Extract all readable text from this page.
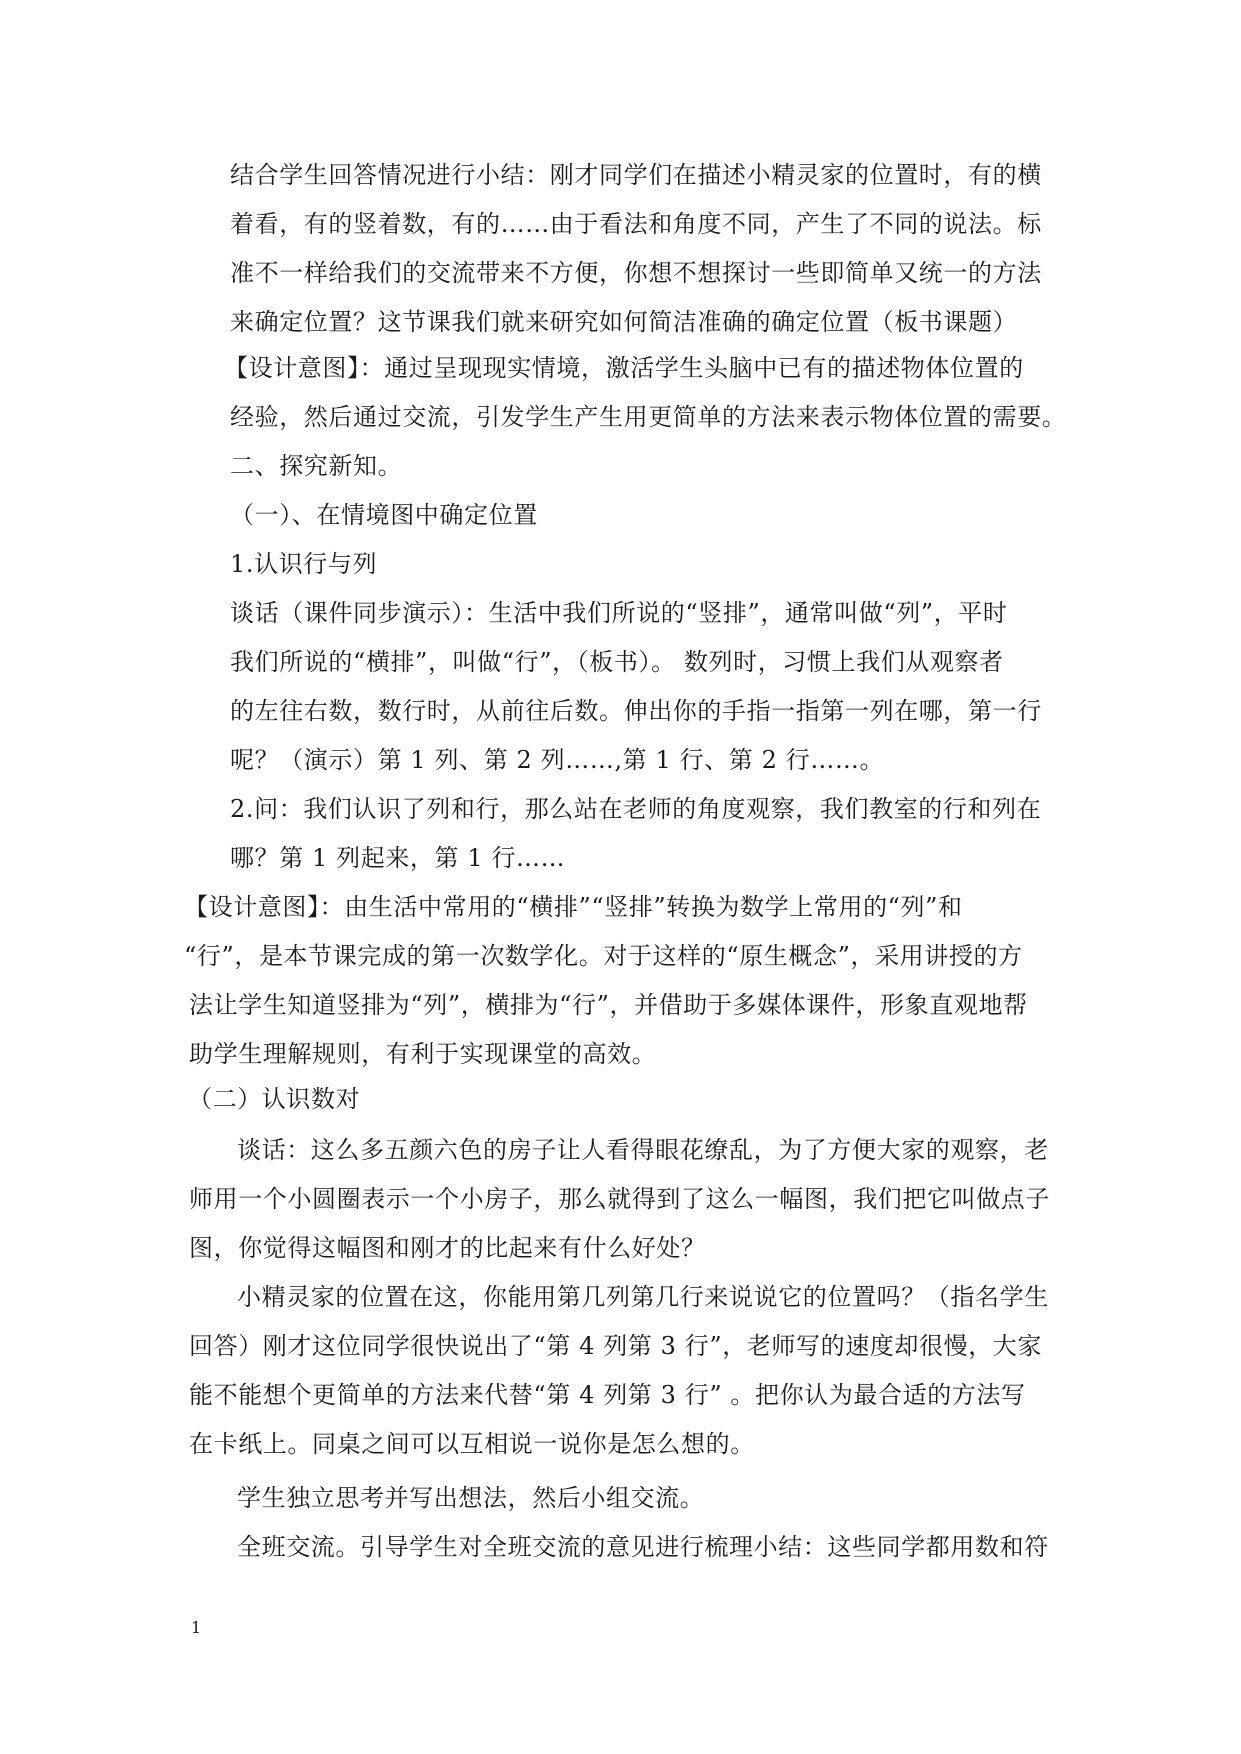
结合学生回答情况进行小结：刚才同学们在描述小精灵家的位置时，有的横
着看，有的竖着数，有的……由于看法和角度不同，产生了不同的说法。标
准不一样给我们的交流带来不方便，你想不想探讨一些即简单又统一的方法
来确定位置？这节课我们就来研究如何简洁准确的确定位置（板书课题）
【设计意图】：通过呈现现实情境，激活学生头脑中已有的描述物体位置的
经验，然后通过交流，引发学生产生用更简单的方法来表示物体位置的需要。
二、探究新知。
（一）、在情境图中确定位置
1.认识行与列
谈话（课件同步演示）：生活中我们所说的“竖排”，通常叫做“列”，平时
我们所说的“横排”，叫做“行”，（板书）。 数列时，习惯上我们从观察者
的左往右数，数行时，从前往后数。伸出你的手指一指第一列在哪，第一行
呢？（演示）第 1 列、第 2 列……,第 1 行、第 2 行……。
2.问：我们认识了列和行，那么站在老师的角度观察，我们教室的行和列在
哪？第 1 列起来，第 1 行……
【设计意图】：由生活中常用的“横排”“竖排”转换为数学上常用的“列”和
“行”，是本节课完成的第一次数学化。对于这样的“原生概念”，采用讲授的方
法让学生知道竖排为“列”，横排为“行”，并借助于多媒体课件，形象直观地帮
助学生理解规则，有利于实现课堂的高效。
（二）认识数对
谈话：这么多五颜六色的房子让人看得眼花缭乱，为了方便大家的观察，老
师用一个小圆圈表示一个小房子，那么就得到了这么一幅图，我们把它叫做点子
图，你觉得这幅图和刚才的比起来有什么好处？
小精灵家的位置在这，你能用第几列第几行来说说它的位置吗？（指名学生
回答）刚才这位同学很快说出了“第 4 列第 3 行”，老师写的速度却很慢，大家
能不能想个更简单的方法来代替“第 4 列第 3 行” 。把你认为最合适的方法写
在卡纸上。同桌之间可以互相说一说你是怎么想的。
学生独立思考并写出想法，然后小组交流。
全班交流。引导学生对全班交流的意见进行梳理小结：这些同学都用数和符
1
